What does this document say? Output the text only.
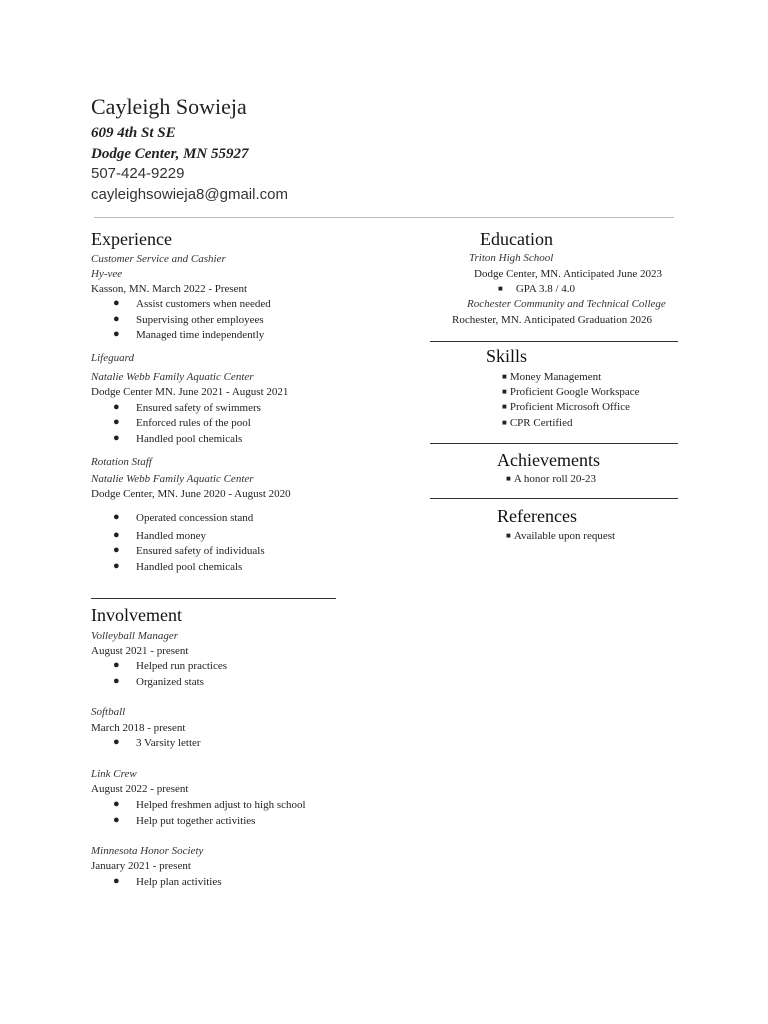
Cayleigh Sowieja
609 4th St SE
Dodge Center, MN 55927
507-424-9229
cayleighsowieja8@gmail.com
Experience
Customer Service and Cashier
Hy-vee
Kasson, MN. March 2022 - Present
● Assist customers when needed
● Supervising other employees
● Managed time independently
Lifeguard
Natalie Webb Family Aquatic Center
Dodge Center MN. June 2021 - August 2021
● Ensured safety of swimmers
● Enforced rules of the pool
● Handled pool chemicals
Rotation Staff
Natalie Webb Family Aquatic Center
Dodge Center, MN. June 2020 - August 2020
● Operated concession stand
● Handled money
● Ensured safety of individuals
● Handled pool chemicals
Involvement
Volleyball Manager
August 2021 - present
● Helped run practices
● Organized stats
Softball
March 2018 - present
● 3 Varsity letter
Link Crew
August 2022 - present
● Helped freshmen adjust to high school
● Help put together activities
Minnesota Honor Society
January 2021 - present
● Help plan activities
Education
Triton High School
Dodge Center, MN. Anticipated June 2023
■ GPA 3.8 / 4.0
Rochester Community and Technical College
Rochester, MN. Anticipated Graduation 2026
Skills
■ Money Management
■ Proficient Google Workspace
■ Proficient Microsoft Office
■ CPR Certified
Achievements
■ A honor roll 20-23
References
■ Available upon request
